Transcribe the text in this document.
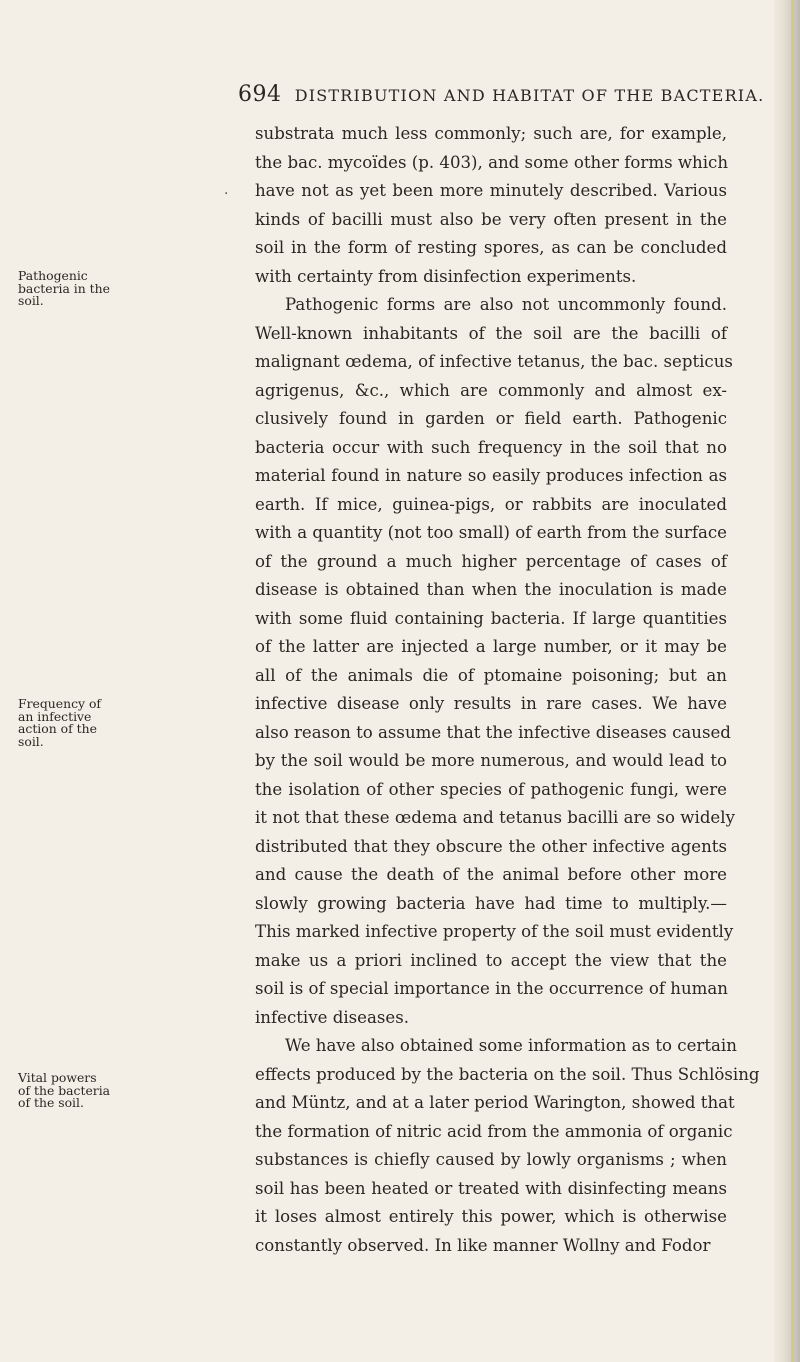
694 DISTRIBUTION AND HABITAT OF THE BACTERIA.
Pathogenic
bacteria in the
soil.
Frequency of
an infective
action of the
soil.
Vital powers
of the bacteria
of the soil.
·
substrata much less commonly; such are, for example,
the bac. mycoïdes (p. 403), and some other forms which
have not as yet been more minutely described. Various
kinds of bacilli must also be very often present in the
soil in the form of resting spores, as can be concluded
with certainty from disinfection experiments.
Pathogenic forms are also not uncommonly found.
Well-known inhabitants of the soil are the bacilli of
malignant œdema, of infective tetanus, the bac. septicus
agrigenus, &c., which are commonly and almost ex-
clusively found in garden or field earth. Pathogenic
bacteria occur with such frequency in the soil that no
material found in nature so easily produces infection as
earth. If mice, guinea-pigs, or rabbits are inoculated
with a quantity (not too small) of earth from the surface
of the ground a much higher percentage of cases of
disease is obtained than when the inoculation is made
with some fluid containing bacteria. If large quantities
of the latter are injected a large number, or it may be
all of the animals die of ptomaine poisoning; but an
infective disease only results in rare cases. We have
also reason to assume that the infective diseases caused
by the soil would be more numerous, and would lead to
the isolation of other species of pathogenic fungi, were
it not that these œdema and tetanus bacilli are so widely
distributed that they obscure the other infective agents
and cause the death of the animal before other more
slowly growing bacteria have had time to multiply.—
This marked infective property of the soil must evidently
make us a priori inclined to accept the view that the
soil is of special importance in the occurrence of human
infective diseases.
We have also obtained some information as to certain
effects produced by the bacteria on the soil. Thus Schlösing
and Müntz, and at a later period Warington, showed that
the formation of nitric acid from the ammonia of organic
substances is chiefly caused by lowly organisms ; when
soil has been heated or treated with disinfecting means
it loses almost entirely this power, which is otherwise
constantly observed. In like manner Wollny and Fodor
